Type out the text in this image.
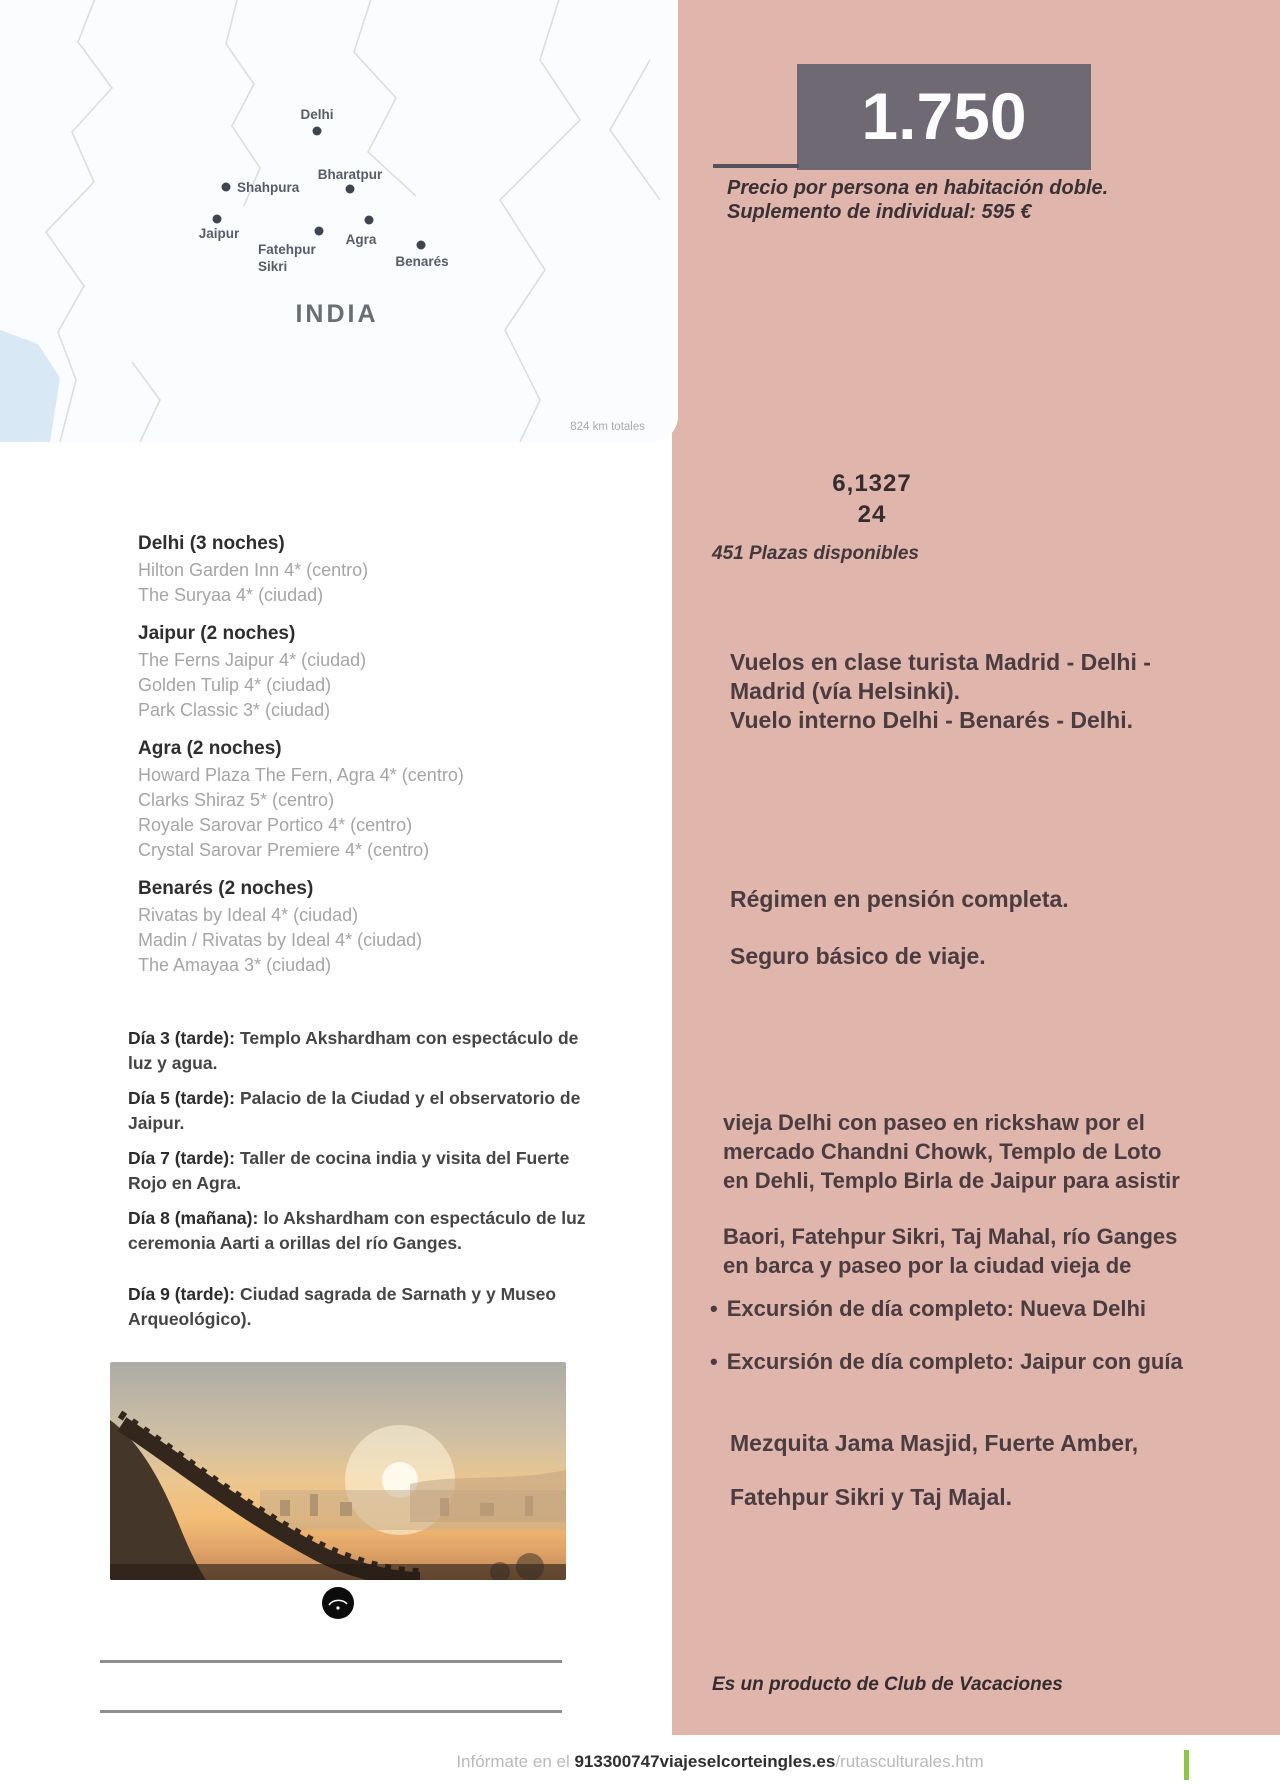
Delhi
Bharatpur
Shahpura
Jaipur
Fatehpur
Sikri
Agra
Benarés
INDIA
824 km totales
1.750
Precio por persona en habitación doble.
Suplemento de individual: 595 €
6,1327
24
451 Plazas disponibles
Vuelos en clase turista Madrid - Delhi -
Madrid (vía Helsinki).
Vuelo interno Delhi - Benarés - Delhi.
Régimen en pensión completa.
Seguro básico de viaje.
vieja Delhi con paseo en rickshaw por el
mercado Chandni Chowk, Templo de Loto
en Dehli, Templo Birla de Jaipur para asistir
Baori, Fatehpur Sikri, Taj Mahal, río Ganges
en barca y paseo por la ciudad vieja de
• Excursión de día completo: Nueva Delhi
• Excursión de día completo: Jaipur con guía
Mezquita Jama Masjid, Fuerte Amber,
Fatehpur Sikri y Taj Majal.
Es un producto de Club de Vacaciones
Delhi (3 noches)
Hilton Garden Inn 4* (centro)
The Suryaa 4* (ciudad)
Jaipur (2 noches)
The Ferns Jaipur 4* (ciudad)
Golden Tulip 4* (ciudad)
Park Classic 3* (ciudad)
Agra (2 noches)
Howard Plaza The Fern, Agra 4* (centro)
Clarks Shiraz 5* (centro)
Royale Sarovar Portico 4* (centro)
Crystal Sarovar Premiere 4* (centro)
Benarés (2 noches)
Rivatas by Ideal 4* (ciudad)
Madin / Rivatas by Ideal 4* (ciudad)
The Amayaa 3* (ciudad)
Día 3 (tarde): Templo Akshardham con espectáculo de luz y agua.
Día 5 (tarde): Palacio de la Ciudad y el observatorio de Jaipur.
Día 7 (tarde): Taller de cocina india y visita del Fuerte Rojo en Agra.
Día 8 (mañana): lo Akshardham con espectáculo de luz ceremonia Aarti a orillas del río Ganges.
Día 9 (tarde): Ciudad sagrada de Sarnath y y Museo Arqueológico).
Infórmate en el 913300747viajeselcorteingles.es/rutasculturales.htm
